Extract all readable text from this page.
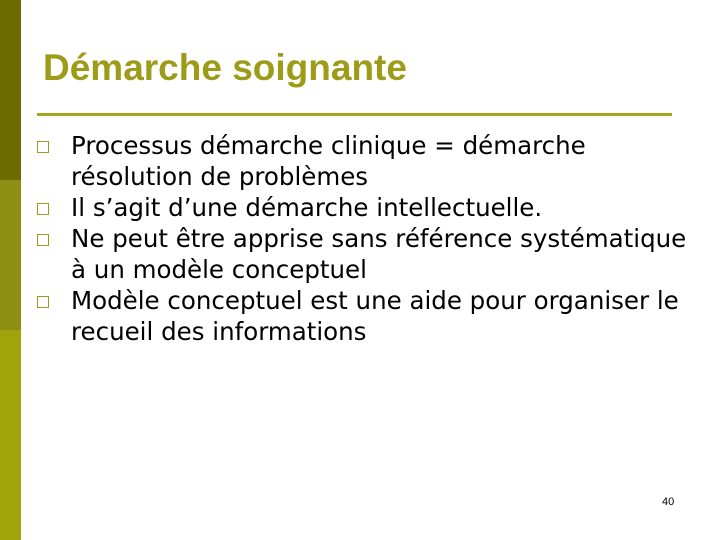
Démarche soignante
Processus démarche clinique = démarche résolution de problèmes
Il s’agit d’une démarche intellectuelle.
Ne peut être apprise sans référence systématique à un modèle conceptuel
Modèle conceptuel est une aide pour organiser le recueil des informations
40
